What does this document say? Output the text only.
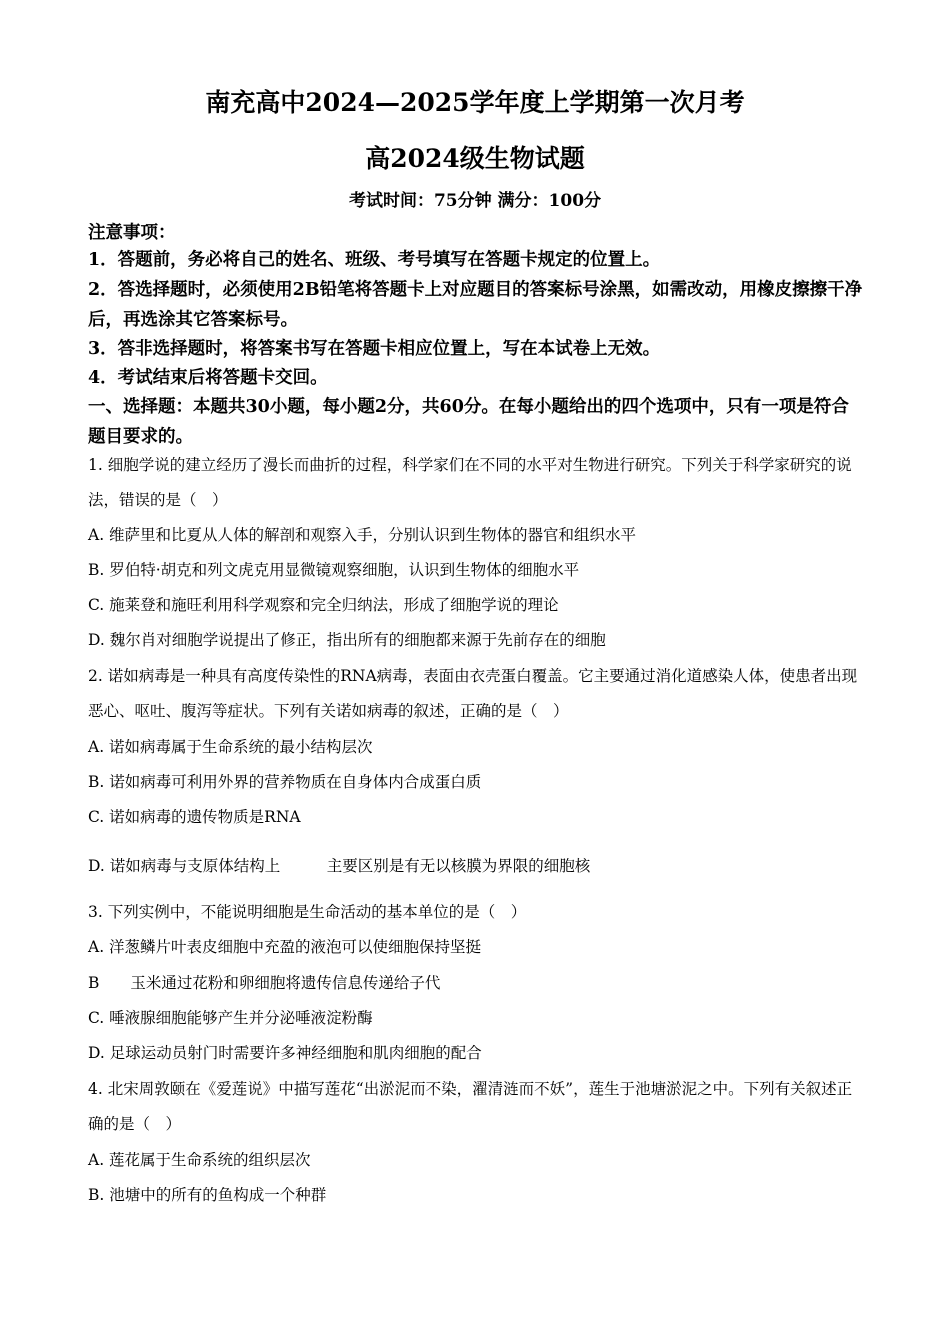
南充高中2024—2025学年度上学期第一次月考
高2024级生物试题
考试时间：75分钟 满分：100分
注意事项：
1．答题前，务必将自己的姓名、班级、考号填写在答题卡规定的位置上。
2．答选择题时，必须使用2B铅笔将答题卡上对应题目的答案标号涂黑，如需改动，用橡皮擦擦干净后，再选涂其它答案标号。
3．答非选择题时，将答案书写在答题卡相应位置上，写在本试卷上无效。
4．考试结束后将答题卡交回。
一、选择题：本题共30小题，每小题2分，共60分。在每小题给出的四个选项中，只有一项是符合题目要求的。
1. 细胞学说的建立经历了漫长而曲折的过程，科学家们在不同的水平对生物进行研究。下列关于科学家研究的说法，错误的是（　）
A. 维萨里和比夏从人体的解剖和观察入手，分别认识到生物体的器官和组织水平
B. 罗伯特·胡克和列文虎克用显微镜观察细胞，认识到生物体的细胞水平
C. 施莱登和施旺利用科学观察和完全归纳法，形成了细胞学说的理论
D. 魏尔肖对细胞学说提出了修正，指出所有的细胞都来源于先前存在的细胞
2. 诺如病毒是一种具有高度传染性的RNA病毒，表面由衣壳蛋白覆盖。它主要通过消化道感染人体，使患者出现恶心、呕吐、腹泻等症状。下列有关诺如病毒的叙述，正确的是（　）
A. 诺如病毒属于生命系统的最小结构层次
B. 诺如病毒可利用外界的营养物质在自身体内合成蛋白质
C. 诺如病毒的遗传物质是RNA
D. 诺如病毒与支原体结构上　　　主要区别是有无以核膜为界限的细胞核
3. 下列实例中，不能说明细胞是生命活动的基本单位的是（　）
A. 洋葱鳞片叶表皮细胞中充盈的液泡可以使细胞保持坚挺
B　　玉米通过花粉和卵细胞将遗传信息传递给子代
C. 唾液腺细胞能够产生并分泌唾液淀粉酶
D. 足球运动员射门时需要许多神经细胞和肌肉细胞的配合
4. 北宋周敦颐在《爱莲说》中描写莲花“出淤泥而不染，濯清涟而不妖”，莲生于池塘淤泥之中。下列有关叙述正确的是（　）
A. 莲花属于生命系统的组织层次
B. 池塘中的所有的鱼构成一个种群
